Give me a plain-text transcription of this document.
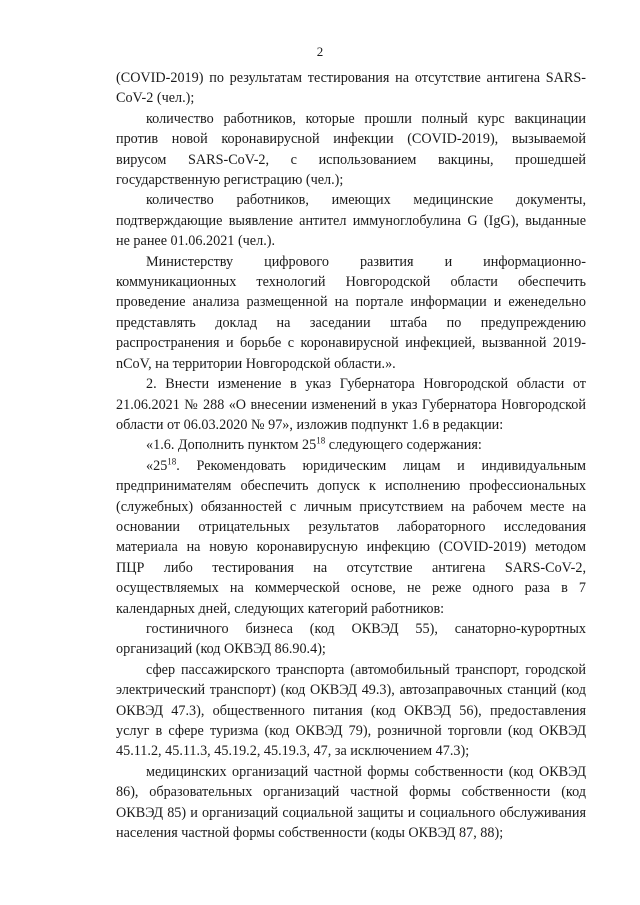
2

(COVID-2019) по результатам тестирования на отсутствие антигена SARS-CoV-2 (чел.);

количество работников, которые прошли полный курс вакцинации против новой коронавирусной инфекции (COVID-2019), вызываемой вирусом SARS-CoV-2, с использованием вакцины, прошедшей государственную регистрацию (чел.);

количество работников, имеющих медицинские документы, подтверждающие выявление антител иммуноглобулина G (IgG), выданные не ранее 01.06.2021 (чел.).

Министерству цифрового развития и информационно-коммуникационных технологий Новгородской области обеспечить проведение анализа размещенной на портале информации и еженедельно представлять доклад на заседании штаба по предупреждению распространения и борьбе с коронавирусной инфекцией, вызванной 2019-nCoV, на территории Новгородской области.».

2. Внести изменение в указ Губернатора Новгородской области от 21.06.2021 № 288 «О внесении изменений в указ Губернатора Новгородской области от 06.03.2020 № 97», изложив подпункт 1.6 в редакции:

«1.6. Дополнить пунктом $25^{18}$ следующего содержания:

«$25^{18}$. Рекомендовать юридическим лицам и индивидуальным предпринимателям обеспечить допуск к исполнению профессиональных (служебных) обязанностей с личным присутствием на рабочем месте на основании отрицательных результатов лабораторного исследования материала на новую коронавирусную инфекцию (COVID-2019) методом ПЦР либо тестирования на отсутствие антигена SARS-CoV-2, осуществляемых на коммерческой основе, не реже одного раза в 7 календарных дней, следующих категорий работников:

гостиничного бизнеса (код ОКВЭД 55), санаторно-курортных организаций (код ОКВЭД 86.90.4);

сфер пассажирского транспорта (автомобильный транспорт, городской электрический транспорт) (код ОКВЭД 49.3), автозаправочных станций (код ОКВЭД 47.3), общественного питания (код ОКВЭД 56), предоставления услуг в сфере туризма (код ОКВЭД 79), розничной торговли (код ОКВЭД 45.11.2, 45.11.3, 45.19.2, 45.19.3, 47, за исключением 47.3);

медицинских организаций частной формы собственности (код ОКВЭД 86), образовательных организаций частной формы собственности (код ОКВЭД 85) и организаций социальной защиты и социального обслуживания населения частной формы собственности (коды ОКВЭД 87, 88);
